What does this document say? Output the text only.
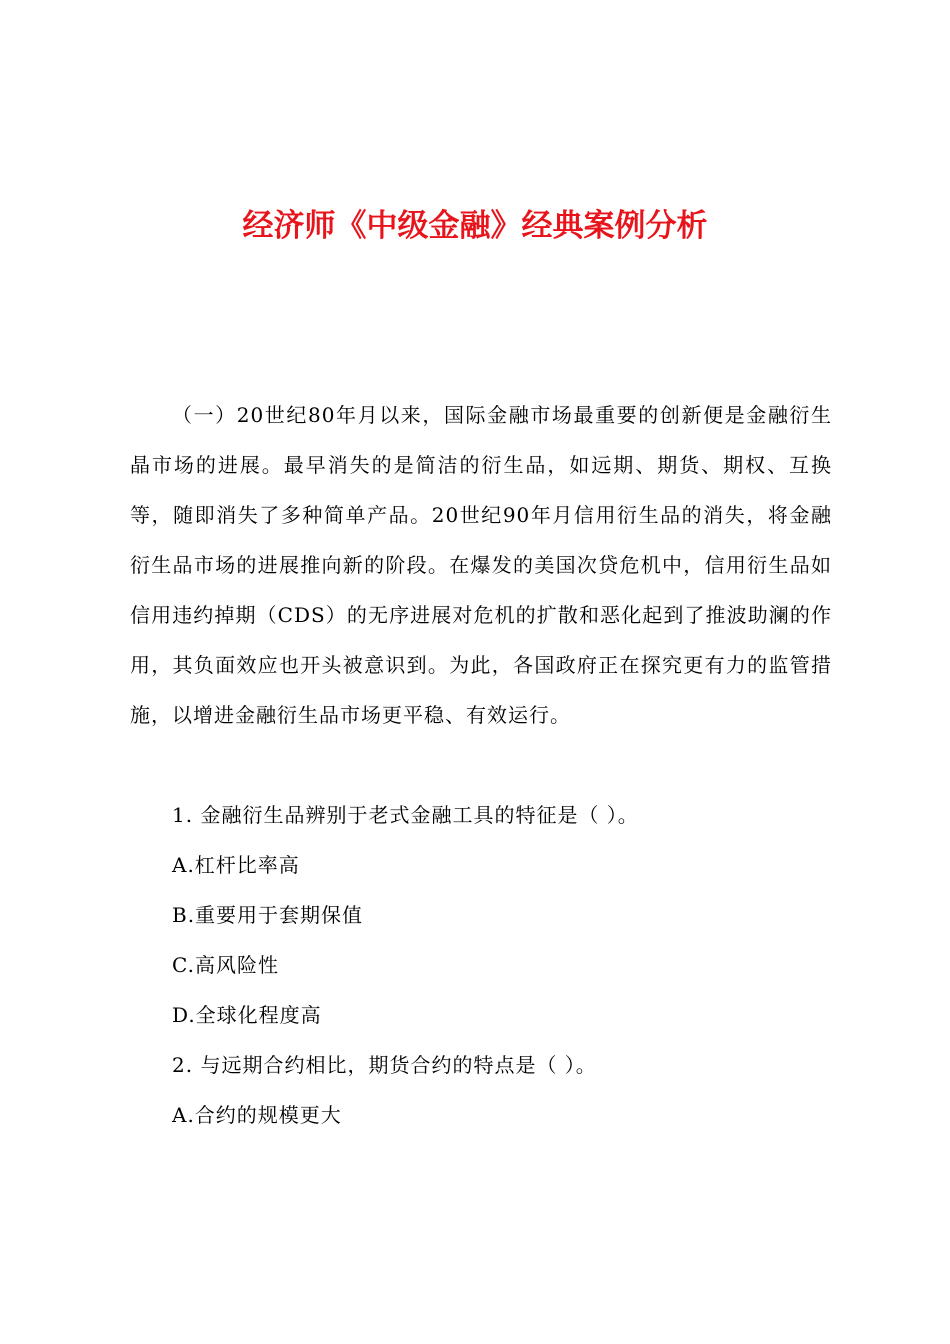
经济师《中级金融》经典案例分析
（一）20世纪80年月以来，国际金融市场最重要的创新便是金融衍生晶市场的进展。最早消失的是简洁的衍生品，如远期、期货、期权、互换等，随即消失了多种简单产品。20世纪90年月信用衍生品的消失，将金融衍生品市场的进展推向新的阶段。在爆发的美国次贷危机中，信用衍生品如信用违约掉期（CDS）的无序进展对危机的扩散和恶化起到了推波助澜的作用，其负面效应也开头被意识到。为此，各国政府正在探究更有力的监管措施，以增进金融衍生品市场更平稳、有效运行。
1. 金融衍生品辨别于老式金融工具的特征是（ ）。
A.杠杆比率高
B.重要用于套期保值
C.高风险性
D.全球化程度高
2. 与远期合约相比，期货合约的特点是（ ）。
A.合约的规模更大
